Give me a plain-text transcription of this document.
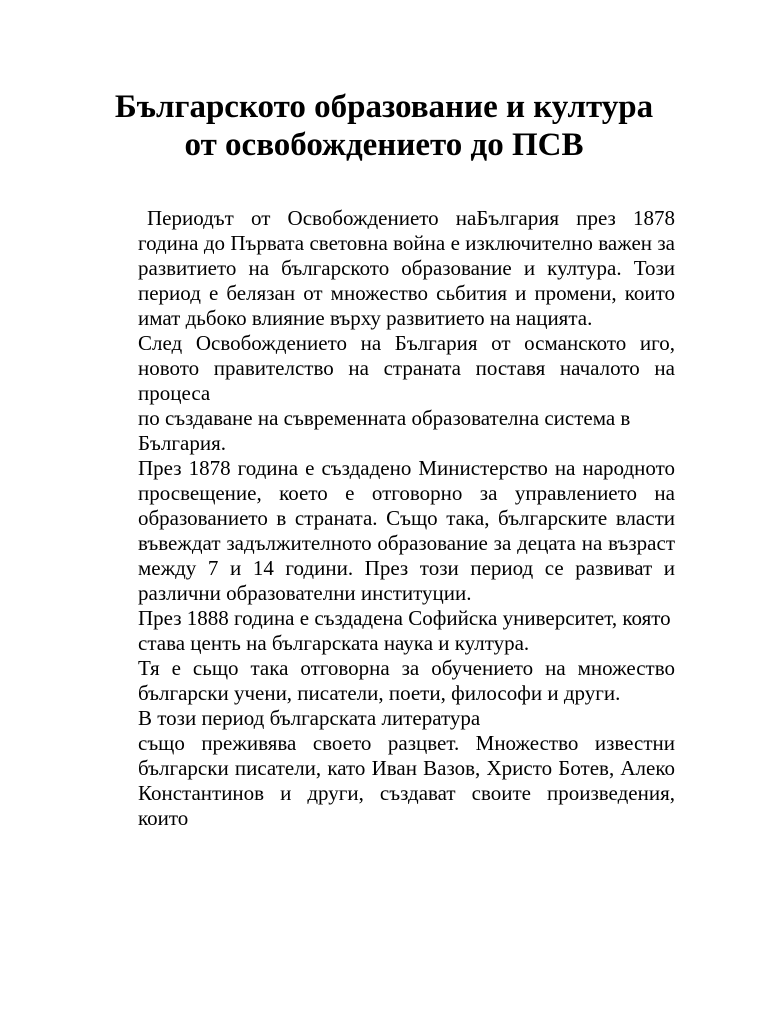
Българското образование и култура
от освобождението до ПСВ

Периодът от Освобождението наБългария през 1878 година до Първата световна война е изключително важен за развитието на българското образование и култура. Този период е белязан от множество сьбития и промени, които имат дьбоко влияние върху развитието на нацията.

След Освобождението на България от османското иго, новото правителство на страната поставя началото на процеса

по създаване на съвременната образователна система в България.

През 1878 година е създадено Министерство на народното просвещение, което е отговорно за управлението на образованието в страната. Също така, българските власти въвеждат задължителното образование за децата на възраст между 7 и 14 години. През този период се развиват и различни образователни институции.

През 1888 година е създадена Софийска университет, която става центь на българската наука и култура.

Тя е сьщо така отговорна за обучението на множество български учени, писатели, поети, философи и други.

В този период българската литература

също преживява своето разцвет. Множество известни български писатели, като Иван Вазов, Христо Ботев, Алеко Константинов и други, създават своите произведения, които
